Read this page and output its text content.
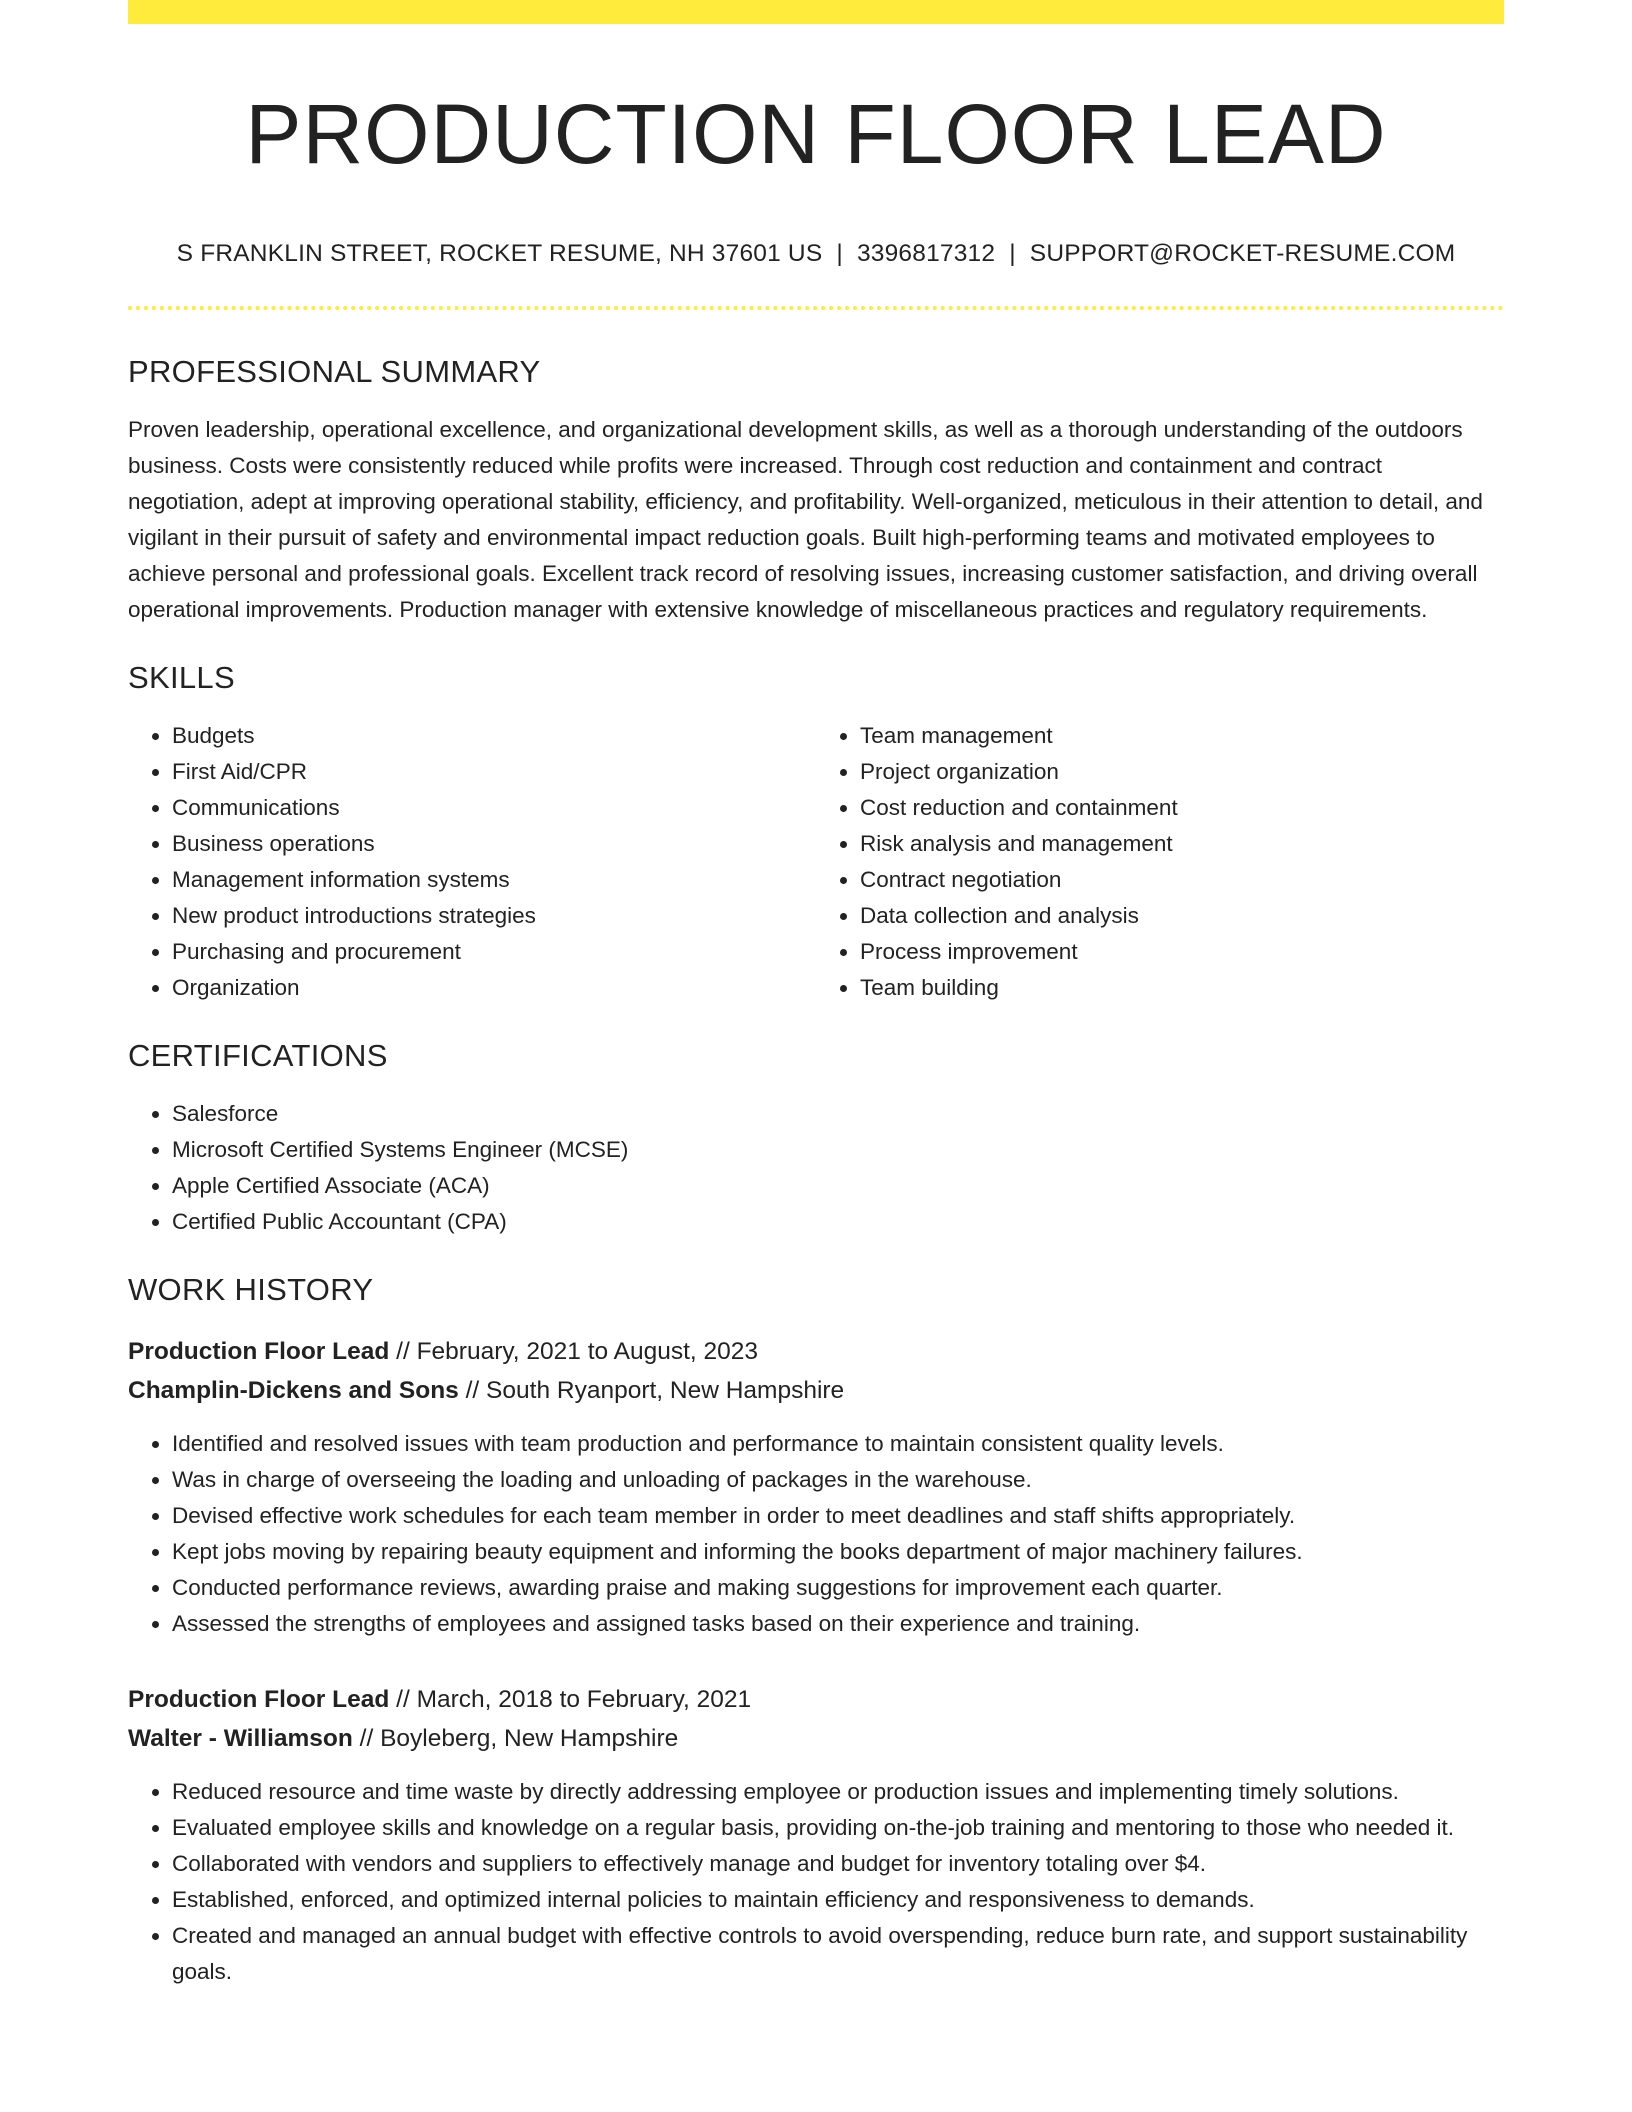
PRODUCTION FLOOR LEAD
S FRANKLIN STREET, ROCKET RESUME, NH 37601 US | 3396817312 | SUPPORT@ROCKET-RESUME.COM
PROFESSIONAL SUMMARY

Proven leadership, operational excellence, and organizational development skills, as well as a thorough understanding of the outdoors business. Costs were consistently reduced while profits were increased. Through cost reduction and containment and contract negotiation, adept at improving operational stability, efficiency, and profitability. Well-organized, meticulous in their attention to detail, and vigilant in their pursuit of safety and environmental impact reduction goals. Built high-performing teams and motivated employees to achieve personal and professional goals. Excellent track record of resolving issues, increasing customer satisfaction, and driving overall operational improvements. Production manager with extensive knowledge of miscellaneous practices and regulatory requirements.

SKILLS
• Budgets
• First Aid/CPR
• Communications
• Business operations
• Management information systems
• New product introductions strategies
• Purchasing and procurement
• Organization
• Team management
• Project organization
• Cost reduction and containment
• Risk analysis and management
• Contract negotiation
• Data collection and analysis
• Process improvement
• Team building
CERTIFICATIONS
• Salesforce
• Microsoft Certified Systems Engineer (MCSE)
• Apple Certified Associate (ACA)
• Certified Public Accountant (CPA)
WORK HISTORY
Production Floor Lead // February, 2021 to August, 2023
Champlin-Dickens and Sons // South Ryanport, New Hampshire
• Identified and resolved issues with team production and performance to maintain consistent quality levels.
• Was in charge of overseeing the loading and unloading of packages in the warehouse.
• Devised effective work schedules for each team member in order to meet deadlines and staff shifts appropriately.
• Kept jobs moving by repairing beauty equipment and informing the books department of major machinery failures.
• Conducted performance reviews, awarding praise and making suggestions for improvement each quarter.
• Assessed the strengths of employees and assigned tasks based on their experience and training.
Production Floor Lead // March, 2018 to February, 2021
Walter - Williamson // Boyleberg, New Hampshire
• Reduced resource and time waste by directly addressing employee or production issues and implementing timely solutions.
• Evaluated employee skills and knowledge on a regular basis, providing on-the-job training and mentoring to those who needed it.
• Collaborated with vendors and suppliers to effectively manage and budget for inventory totaling over $4.
• Established, enforced, and optimized internal policies to maintain efficiency and responsiveness to demands.
• Created and managed an annual budget with effective controls to avoid overspending, reduce burn rate, and support sustainability goals.
